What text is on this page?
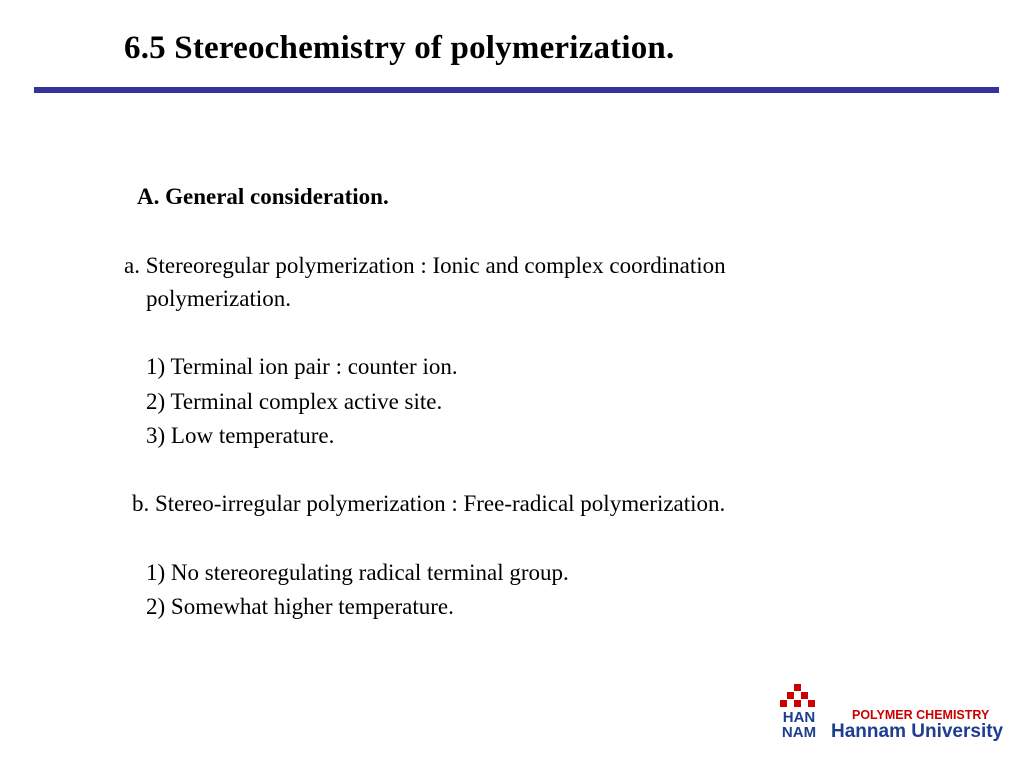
6.5 Stereochemistry of polymerization.
A. General consideration.
a. Stereoregular polymerization : Ionic and complex coordination
polymerization.
1) Terminal ion pair : counter ion.
2) Terminal complex active site.
3) Low temperature.
b. Stereo-irregular polymerization : Free-radical polymerization.
1) No stereoregulating radical terminal group.
2) Somewhat higher temperature.
HAN
NAM
POLYMER CHEMISTRY
Hannam University
